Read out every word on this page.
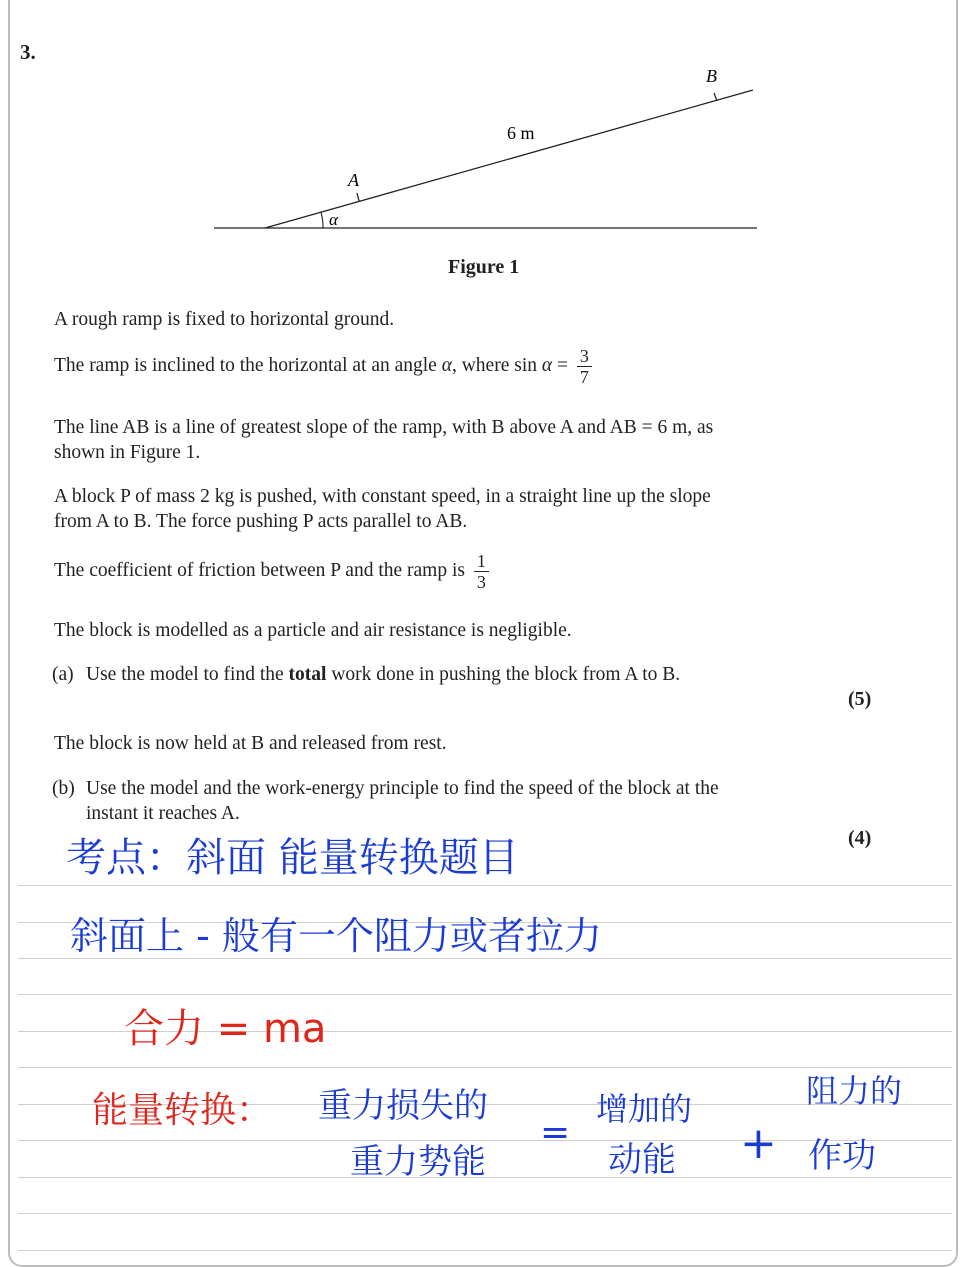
3.
α
A
B
6 m
Figure 1
A rough ramp is fixed to horizontal ground.
The ramp is inclined to the horizontal at an angle α, where $\sin \alpha = \frac{3}{7}$
The line AB is a line of greatest slope of the ramp, with B above A and AB = 6 m, as
shown in Figure 1.
A block P of mass 2 kg is pushed, with constant speed, in a straight line up the slope
from A to B. The force pushing P acts parallel to AB.
The coefficient of friction between P and the ramp is $\frac{1}{3}$
The block is modelled as a particle and air resistance is negligible.
(a) Use the model to find the total work done in pushing the block from A to B.
(5)
The block is now held at B and released from rest.
(b) Use the model and the work-energy principle to find the speed of the block at the
instant it reaches A.
(4)
考点：斜面 能量转换题目
斜面上 - 般有一个阻力或者拉力
合力 = ma
能量转换： 重力损失的
重力势能
=
增加的
动能 +
阻力的
作功
